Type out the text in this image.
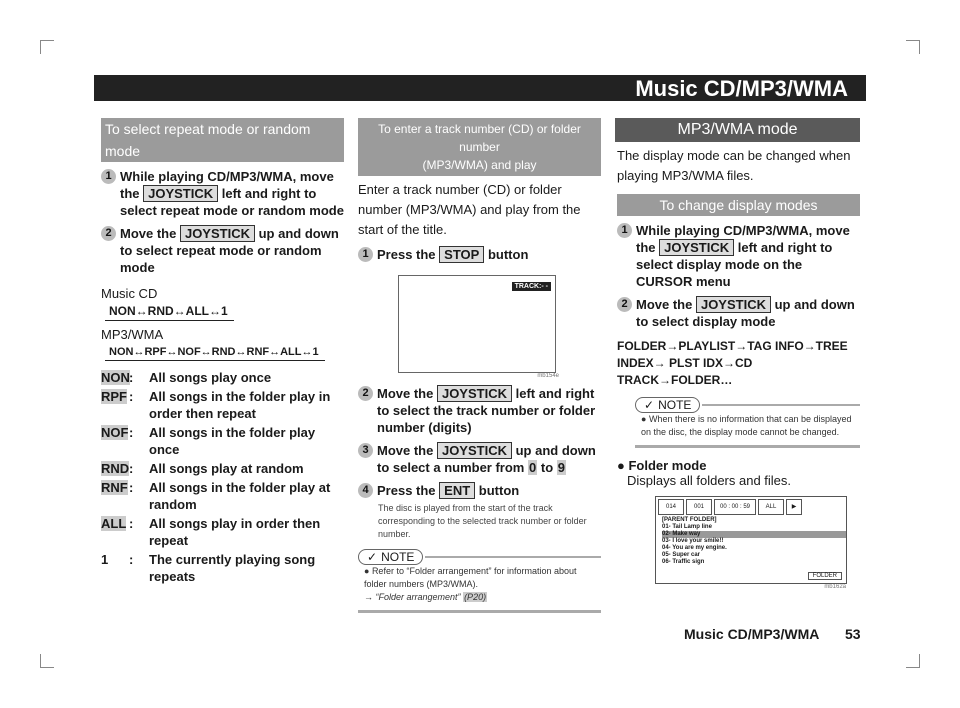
Music CD/MP3/WMA
To select repeat mode or random mode
1 While playing CD/MP3/WMA, move the JOYSTICK left and right to select repeat mode or random mode

2 Move the JOYSTICK up and down to select repeat mode or random mode

Music CD

NON↔RND↔ALL↔1

MP3/WMA

NON↔RPF↔NOF↔RND↔RNF↔ALL↔1
NON :	All songs play once
RPF :	All songs in the folder play in order then repeat
NOF :	All songs in the folder play once
RND :	All songs play at random
RNF :	All songs in the folder play at random
ALL :	All songs play in order then repeat
1	:	The currently playing song repeats
To enter a track number (CD) or folder number
(MP3/WMA) and play

Enter a track number (CD) or folder number (MP3/WMA) and play from the start of the title.

1 Press the STOP button

TRACK:- -
mb154e
2 Move the JOYSTICK left and right to select the track number or folder number (digits)

3 Move the JOYSTICK up and down to select a number from 0 to 9

4 Press the ENT button

The disc is played from the start of the track corresponding to the selected track number or folder number.

✓ NOTE

● Refer to “Folder arrangement” for information about folder numbers (MP3/WMA).
→ “Folder arrangement” (P20)

MP3/WMA mode

The display mode can be changed when playing MP3/WMA files.

To change display modes
1 While playing CD/MP3/WMA, move the JOYSTICK left and right to select display mode on the CURSOR menu

2 Move the JOYSTICK up and down to select display mode

FOLDER→PLAYLIST→TAG INFO→TREE INDEX→ PLST IDX→CD TRACK→FOLDER…

✓ NOTE

● When there is no information that can be displayed on the disc, the display mode cannot be changed.

● Folder mode

Displays all folders and files.

014	001	00 : 00 : 59	ALL	▶
[PARENT FOLDER]
01- Tail Lamp line
02- Make way
03- I love your smile!!
04- You are my engine.
05- Super car
06- Traffic sign
FOLDER
mb162a
Music CD/MP3/WMA 53
